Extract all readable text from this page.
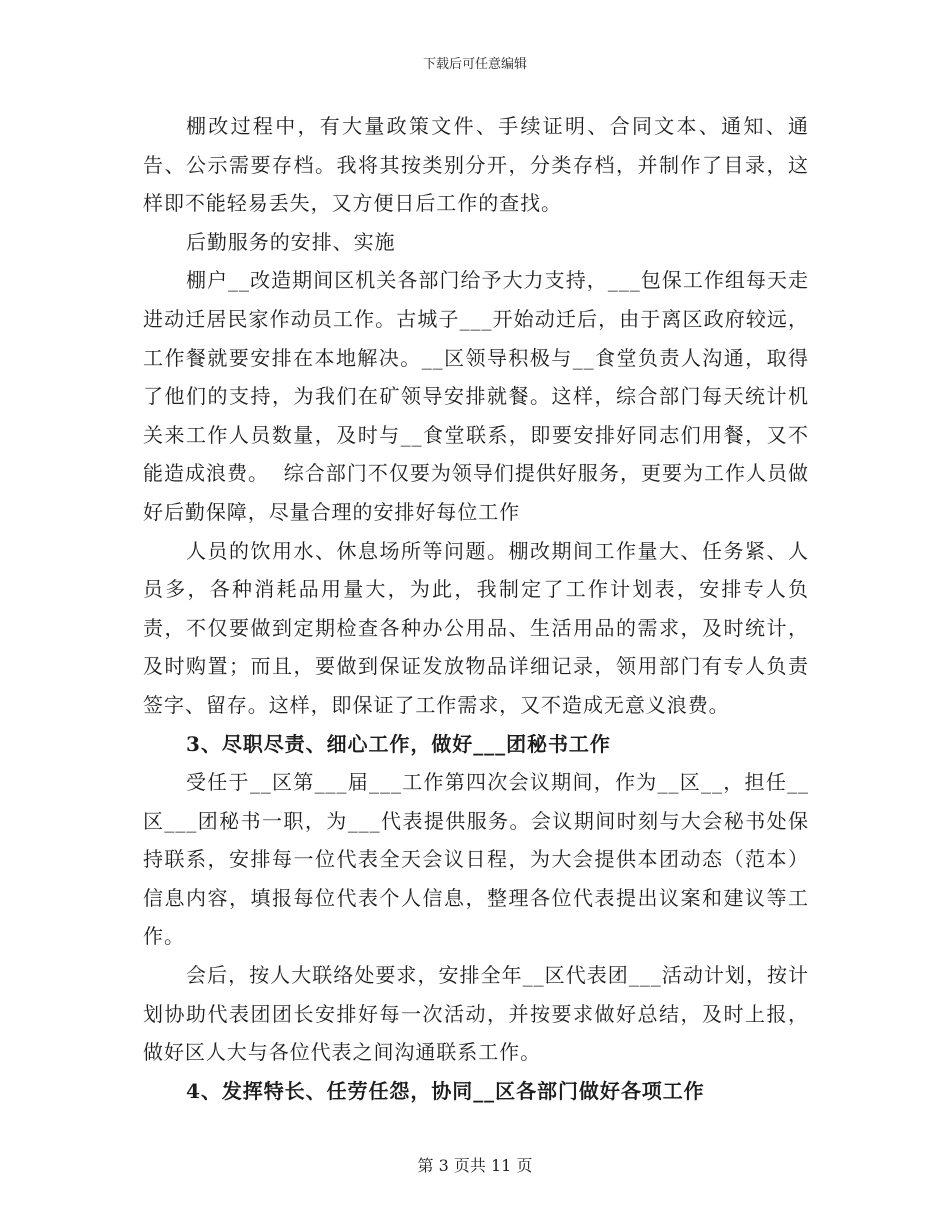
下载后可任意编辑

棚改过程中，有大量政策文件、手续证明、合同文本、通知、通告、公示需要存档。我将其按类别分开，分类存档，并制作了目录，这样即不能轻易丢失，又方便日后工作的查找。

后勤服务的安排、实施

棚户__改造期间区机关各部门给予大力支持，___包保工作组每天走进动迁居民家作动员工作。古城子___开始动迁后，由于离区政府较远，工作餐就要安排在本地解决。__区领导积极与__食堂负责人沟通，取得了他们的支持，为我们在矿领导安排就餐。这样，综合部门每天统计机关来工作人员数量，及时与__食堂联系，即要安排好同志们用餐，又不能造成浪费。  综合部门不仅要为领导们提供好服务，更要为工作人员做好后勤保障，尽量合理的安排好每位工作

人员的饮用水、休息场所等问题。棚改期间工作量大、任务紧、人员多，各种消耗品用量大，为此，我制定了工作计划表，安排专人负责，不仅要做到定期检查各种办公用品、生活用品的需求，及时统计，及时购置；而且，要做到保证发放物品详细记录，领用部门有专人负责签字、留存。这样，即保证了工作需求，又不造成无意义浪费。

3、尽职尽责、细心工作，做好___团秘书工作

受任于__区第___届___工作第四次会议期间，作为__区__，担任__区___团秘书一职，为___代表提供服务。会议期间时刻与大会秘书处保持联系，安排每一位代表全天会议日程，为大会提供本团动态（范本）信息内容，填报每位代表个人信息，整理各位代表提出议案和建议等工作。

会后，按人大联络处要求，安排全年__区代表团___活动计划，按计划协助代表团团长安排好每一次活动，并按要求做好总结，及时上报，做好区人大与各位代表之间沟通联系工作。

4、发挥特长、任劳任怨，协同__区各部门做好各项工作

第 3 页共 11 页
